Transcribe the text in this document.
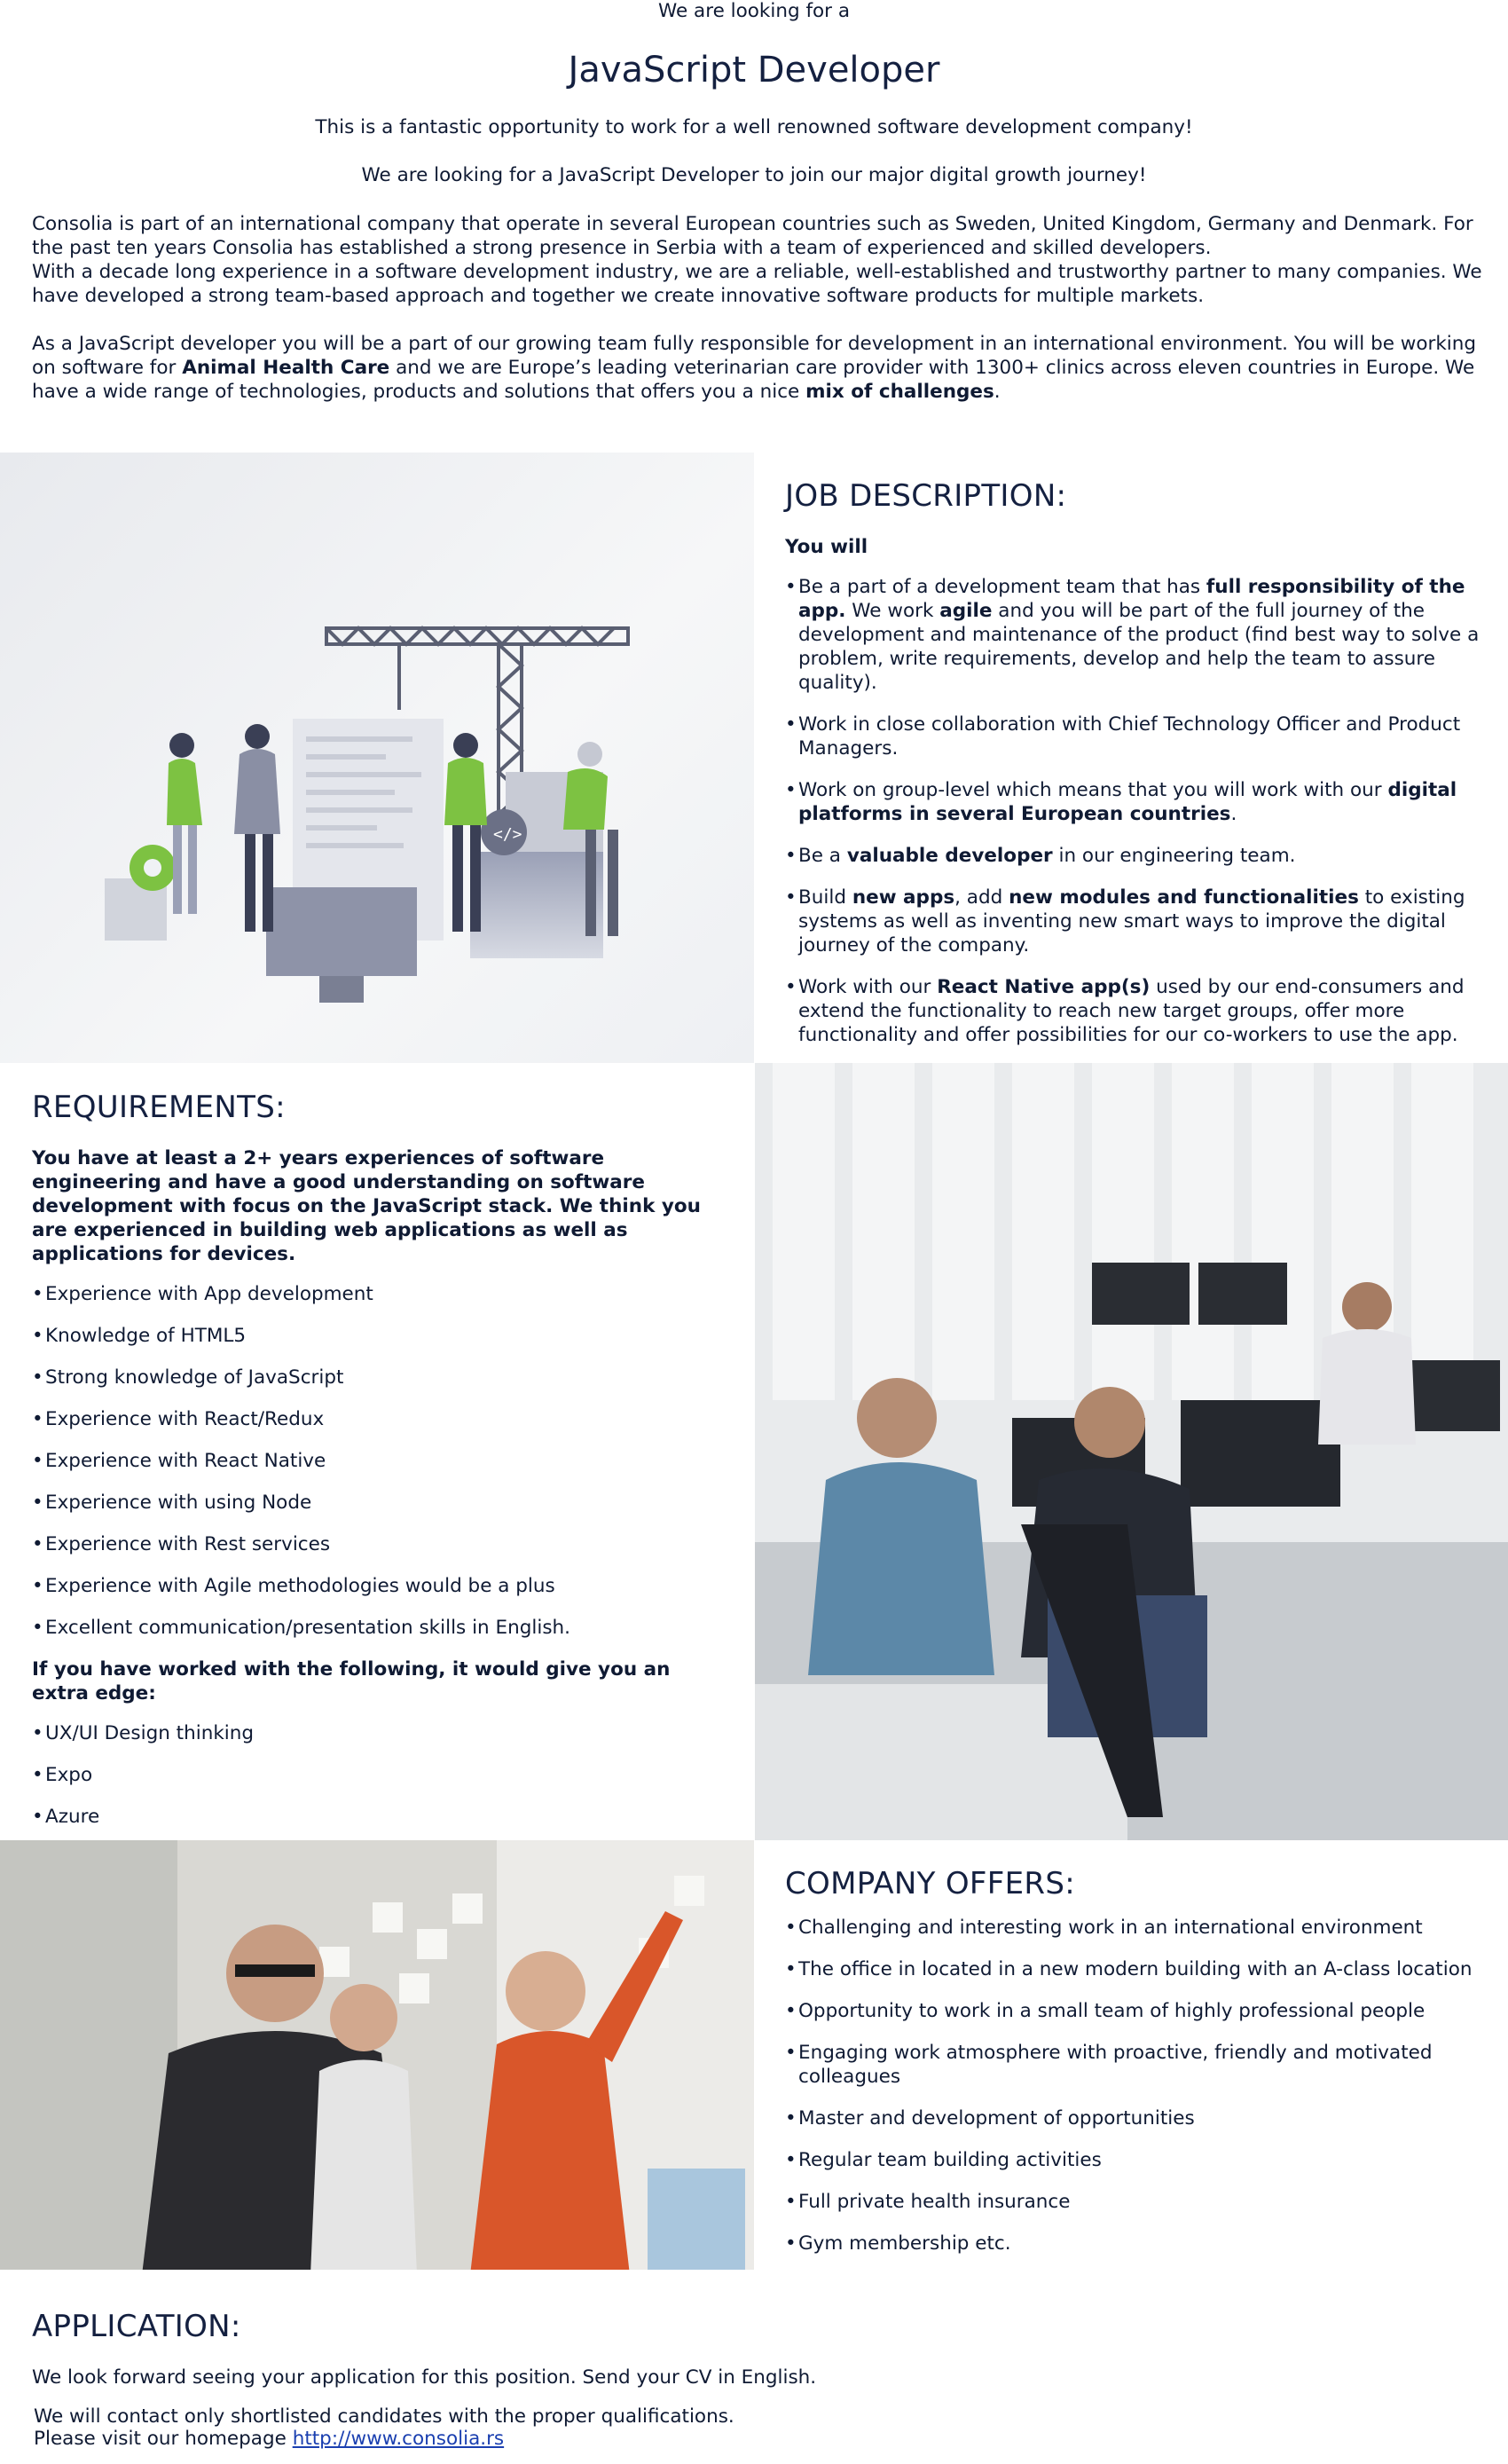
We are looking for a
JavaScript Developer
This is a fantastic opportunity to work for a well renowned software development company!
We are looking for a JavaScript Developer to join our major digital growth journey!

Consolia is part of an international company that operate in several European countries such as Sweden, United Kingdom, Germany and Denmark. For the past ten years Consolia has established a strong presence in Serbia with a team of experienced and skilled developers.

With a decade long experience in a software development industry, we are a reliable, well-established and trustworthy partner to many companies. We have developed a strong team-based approach and together we create innovative software products for multiple markets.

As a JavaScript developer you will be a part of our growing team fully responsible for development in an international environment. You will be working on software for Animal Health Care and we are Europe’s leading veterinarian care provider with 1300+ clinics across eleven countries in Europe. We have a wide range of technologies, products and solutions that offers you a nice mix of challenges.

</>
JOB DESCRIPTION:
You will
• Be a part of a development team that has full responsibility of the app. We work agile and you will be part of the full journey of the development and maintenance of the product (find best way to solve a problem, write requirements, develop and help the team to assure quality).
• Work in close collaboration with Chief Technology Officer and Product Managers.
• Work on group-level which means that you will work with our digital platforms in several European countries.
• Be a valuable developer in our engineering team.
• Build new apps, add new modules and functionalities to existing systems as well as inventing new smart ways to improve the digital journey of the company.
• Work with our React Native app(s) used by our end-consumers and extend the functionality to reach new target groups, offer more functionality and offer possibilities for our co-workers to use the app.
REQUIREMENTS:
You have at least a 2+ years experiences of software engineering and have a good understanding on software development with focus on the JavaScript stack. We think you are experienced in building web applications as well as applications for devices.
• Experience with App development
• Knowledge of HTML5
• Strong knowledge of JavaScript
• Experience with React/Redux
• Experience with React Native
• Experience with using Node
• Experience with Rest services
• Experience with Agile methodologies would be a plus
• Excellent communication/presentation skills in English.
If you have worked with the following, it would give you an extra edge:
• UX/UI Design thinking
• Expo
• Azure
COMPANY OFFERS:
• Challenging and interesting work in an international environment
• The office in located in a new modern building with an A-class location
• Opportunity to work in a small team of highly professional people
• Engaging work atmosphere with proactive, friendly and motivated colleagues
• Master and development of opportunities
• Regular team building activities
• Full private health insurance
• Gym membership etc.
APPLICATION:
We look forward seeing your application for this position. Send your CV in English.
We will contact only shortlisted candidates with the proper qualifications.
Please visit our homepage http://www.consolia.rs
